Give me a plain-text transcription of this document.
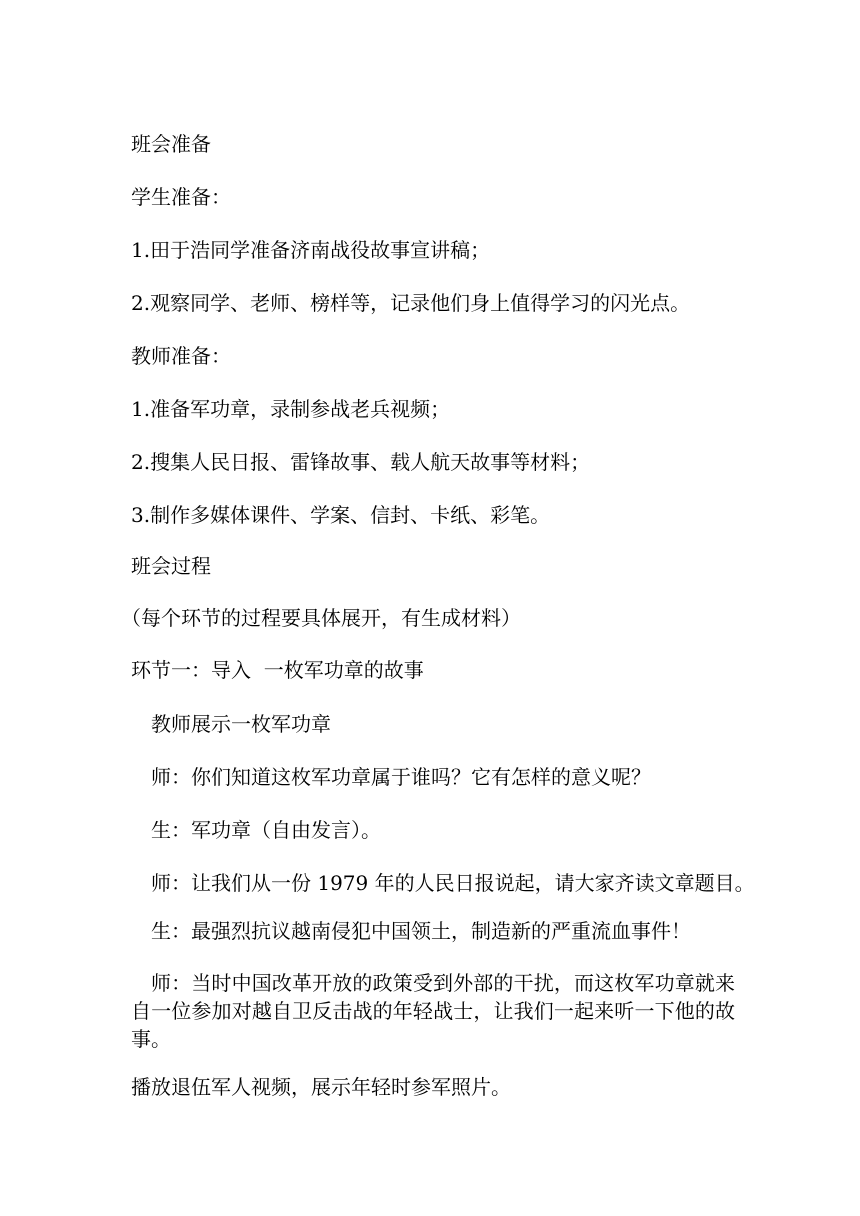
班会准备
学生准备：
1.田于浩同学准备济南战役故事宣讲稿；
2.观察同学、老师、榜样等，记录他们身上值得学习的闪光点。
教师准备：
1.准备军功章，录制参战老兵视频；
2.搜集人民日报、雷锋故事、载人航天故事等材料；
3.制作多媒体课件、学案、信封、卡纸、彩笔。
班会过程
（每个环节的过程要具体展开，有生成材料）
环节一：导入  一枚军功章的故事
教师展示一枚军功章
师：你们知道这枚军功章属于谁吗？它有怎样的意义呢？
生：军功章（自由发言）。
师：让我们从一份 1979 年的人民日报说起，请大家齐读文章题目。
生：最强烈抗议越南侵犯中国领土，制造新的严重流血事件！
师：当时中国改革开放的政策受到外部的干扰，而这枚军功章就来自一位参加对越自卫反击战的年轻战士，让我们一起来听一下他的故事。
播放退伍军人视频，展示年轻时参军照片。
